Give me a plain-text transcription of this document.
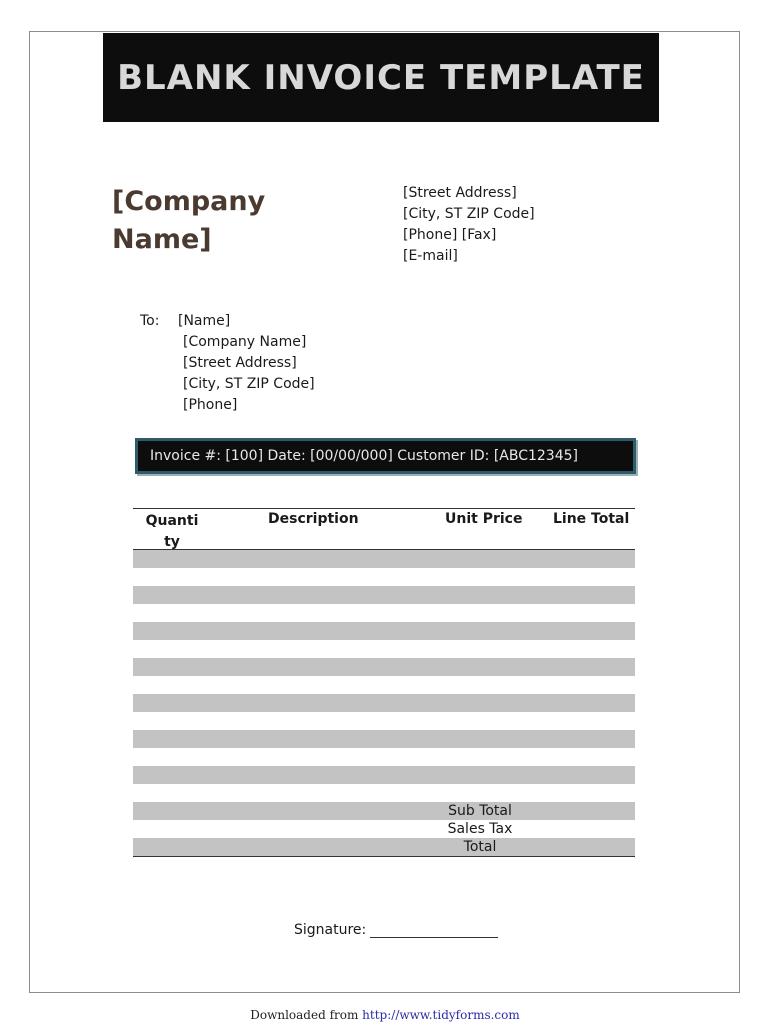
BLANK INVOICE TEMPLATE
[Company Name]
[Street Address]
[City, ST ZIP Code]
[Phone] [Fax]
[E-mail]
To: [Name]
[Company Name]
[Street Address]
[City, ST ZIP Code]
[Phone]
Invoice #: [100] Date: [00/00/000] Customer ID: [ABC12345]
Quanti ty
Description	Unit Price Line Total
Sub Total
Sales Tax
Total
Signature:
Downloaded from http://www.tidyforms.com
